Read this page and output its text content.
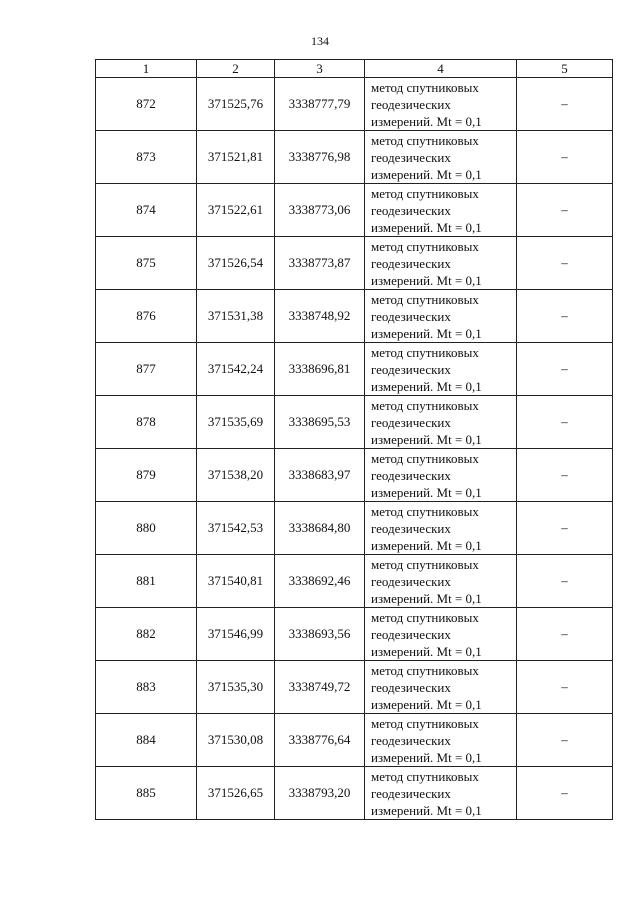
134
1	2	3	4	5
872	371525,76	3338777,79	метод спутниковых
геодезических
измерений. Mt = 0,1	–
873	371521,81	3338776,98	метод спутниковых
геодезических
измерений. Mt = 0,1	–
874	371522,61	3338773,06	метод спутниковых
геодезических
измерений. Mt = 0,1	–
875	371526,54	3338773,87	метод спутниковых
геодезических
измерений. Mt = 0,1	–
876	371531,38	3338748,92	метод спутниковых
геодезических
измерений. Mt = 0,1	–
877	371542,24	3338696,81	метод спутниковых
геодезических
измерений. Mt = 0,1	–
878	371535,69	3338695,53	метод спутниковых
геодезических
измерений. Mt = 0,1	–
879	371538,20	3338683,97	метод спутниковых
геодезических
измерений. Mt = 0,1	–
880	371542,53	3338684,80	метод спутниковых
геодезических
измерений. Mt = 0,1	–
881	371540,81	3338692,46	метод спутниковых
геодезических
измерений. Mt = 0,1	–
882	371546,99	3338693,56	метод спутниковых
геодезических
измерений. Mt = 0,1	–
883	371535,30	3338749,72	метод спутниковых
геодезических
измерений. Mt = 0,1	–
884	371530,08	3338776,64	метод спутниковых
геодезических
измерений. Mt = 0,1	–
885	371526,65	3338793,20	метод спутниковых
геодезических
измерений. Mt = 0,1	–
